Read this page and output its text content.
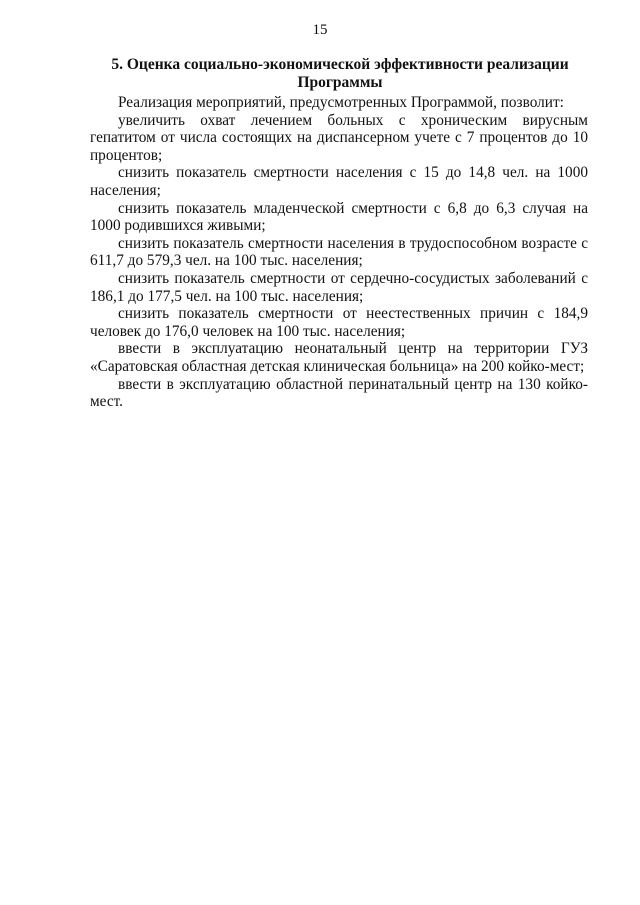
15
5. Оценка социально-экономической эффективности реализации Программы

Реализация мероприятий, предусмотренных Программой, позволит:

увеличить охват лечением больных с хроническим вирусным гепатитом от числа состоящих на диспансерном учете с 7 процентов до 10 процентов;

снизить показатель смертности населения с 15 до 14,8 чел. на 1000 населения;

снизить показатель младенческой смертности с 6,8 до 6,3 случая на 1000 родившихся живыми;

снизить показатель смертности населения в трудоспособном возрасте с 611,7 до 579,3 чел. на 100 тыс. населения;

снизить показатель смертности от сердечно-сосудистых заболеваний с 186,1 до 177,5 чел. на 100 тыс. населения;

снизить показатель смертности от неестественных причин с 184,9 человек до 176,0 человек на 100 тыс. населения;

ввести в эксплуатацию неонатальный центр на территории ГУЗ «Саратовская областная детская клиническая больница» на 200 койко-мест;

ввести в эксплуатацию областной перинатальный центр на 130 койко-мест.
